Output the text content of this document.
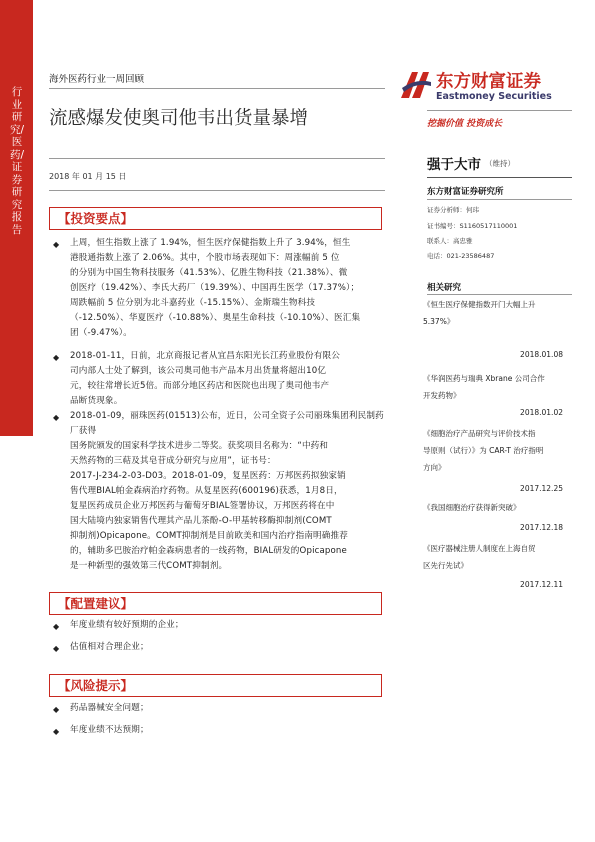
行业研究/医药/证券研究报告
海外医药行业一周回顾
流感爆发使奥司他韦出货量暴增
2018 年 01 月 15 日
东方财富证券
Eastmoney Securities
挖掘价值 投资成长
强于大市 （维持）
东方财富证券研究所
证券分析师：何玮
证书编号：S1160517110001
联系人：高忠雅
电话：021-23586487
相关研究
《恒生医疗保健指数开门大幅上升
5.37%》
2018.01.08
《华润医药与瑞典 Xbrane 公司合作
开发药物》
2018.01.02
《细胞治疗产品研究与评价技术指
导原则（试行）》为 CAR-T 治疗指明
方向》
2017.12.25
《我国细胞治疗获得新突破》
2017.12.18
《医疗器械注册人制度在上海自贸
区先行先试》
2017.12.11
【投资要点】
◆ 上周，恒生指数上涨了 1.94%，恒生医疗保健指数上升了 3.94%，恒生
港股通指数上涨了 2.06%。其中，个股市场表现如下：周涨幅前 5 位
的分别为中国生物科技服务（41.53%）、亿胜生物科技（21.38%）、微
创医疗（19.42%）、李氏大药厂（19.39%）、中国再生医学（17.37%）；
周跌幅前 5 位分别为北斗嘉药业（-15.15%）、金斯瑞生物科技
（-12.50%）、华夏医疗（-10.88%）、奥星生命科技（-10.10%）、医汇集
团（-9.47%）。
◆ 2018-01-11，日前，北京商报记者从宜昌东阳光长江药业股份有限公
司内部人士处了解到，该公司奥司他韦产品本月出货量将超出10亿
元，较往常增长近5倍。而部分地区药店和医院也出现了奥司他韦产
品断货现象。
◆ 2018-01-09，丽珠医药(01513)公布，近日，公司全资子公司丽珠集团利民制药厂获得
国务院颁发的国家科学技术进步二等奖。获奖项目名称为：“中药和
天然药物的三萜及其皂苷成分研究与应用”，证书号：
2017-J-234-2-03-D03。2018-01-09，复星医药：万邦医药拟独家销
售代理BIAL帕金森病治疗药物。从复星医药(600196)获悉，1月8日，
复星医药成员企业万邦医药与葡萄牙BIAL签署协议，万邦医药将在中
国大陆境内独家销售代理其产品儿茶酚-O-甲基转移酶抑制剂(COMT
抑制剂)Opicapone。COMT抑制剂是目前欧美和国内治疗指南明确推荐
的，辅助多巴胺治疗帕金森病患者的一线药物，BIAL研发的Opicapone
是一种新型的强效第三代COMT抑制剂。
【配置建议】
◆ 年度业绩有较好预期的企业；
◆ 估值相对合理企业；
【风险提示】
◆ 药品器械安全问题；
◆ 年度业绩不达预期；
